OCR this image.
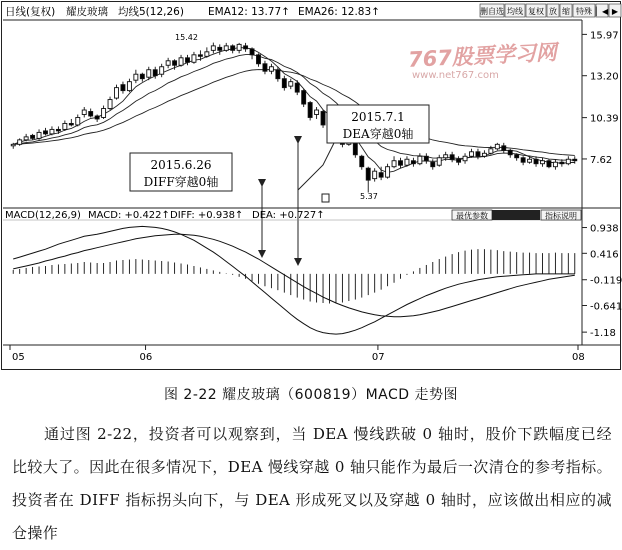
日线(复权) 耀皮玻璃 均线5(12,26) EMA12: 13.77↑ EMA26: 12.83↑	删自选 均线 复权 放 缩 特殊 ▏◀ ▶
15.97
13.20
10.39
7.62
15.42
5.37
2015.7.1
DEA穿越0轴
2015.6.26
DIFF穿越0轴
MACD(12,26,9) MACD: +0.422↑ DIFF: +0.938↑ DEA: +0.727↑	最优参数	指标说明
0.938
0.416
-0.119
-0.641
-1.18
05	06	07	08
767股票学习网
www.net767.com
图 2-22 耀皮玻璃（600819）MACD 走势图
通过图 2-22，投资者可以观察到，当 DEA 慢线跌破 0 轴时，股价下跌幅度已经比较大了。因此在很多情况下，DEA 慢线穿越 0 轴只能作为最后一次清仓的参考指标。投资者在 DIFF 指标拐头向下，与 DEA 形成死叉以及穿越 0 轴时，应该做出相应的减仓操作
